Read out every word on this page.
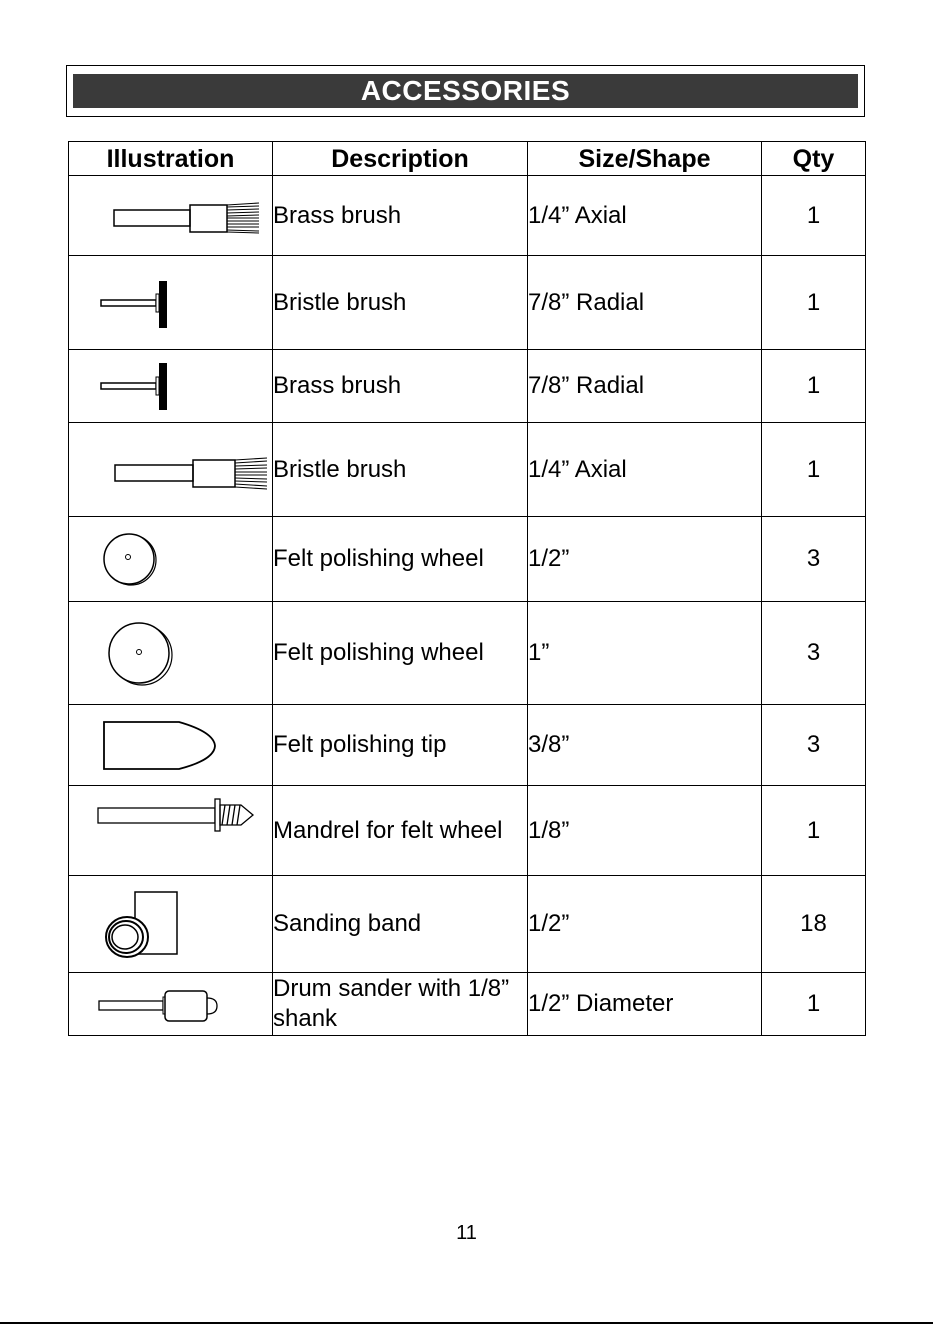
ACCESSORIES
Illustration	Description	Size/Shape	Qty

	Brass brush	1/4” Axial	1

	Bristle brush	7/8” Radial	1

	Brass brush	7/8” Radial	1

	Bristle brush	1/4” Axial	1

	Felt polishing wheel	1/2”	3

	Felt polishing wheel	1”	3

	Felt polishing tip	3/8”	3

	Mandrel for felt wheel	1/8”	1

	Sanding band	1/2”	18

	Drum sander with 1/8” shank	1/2” Diameter	1
11
